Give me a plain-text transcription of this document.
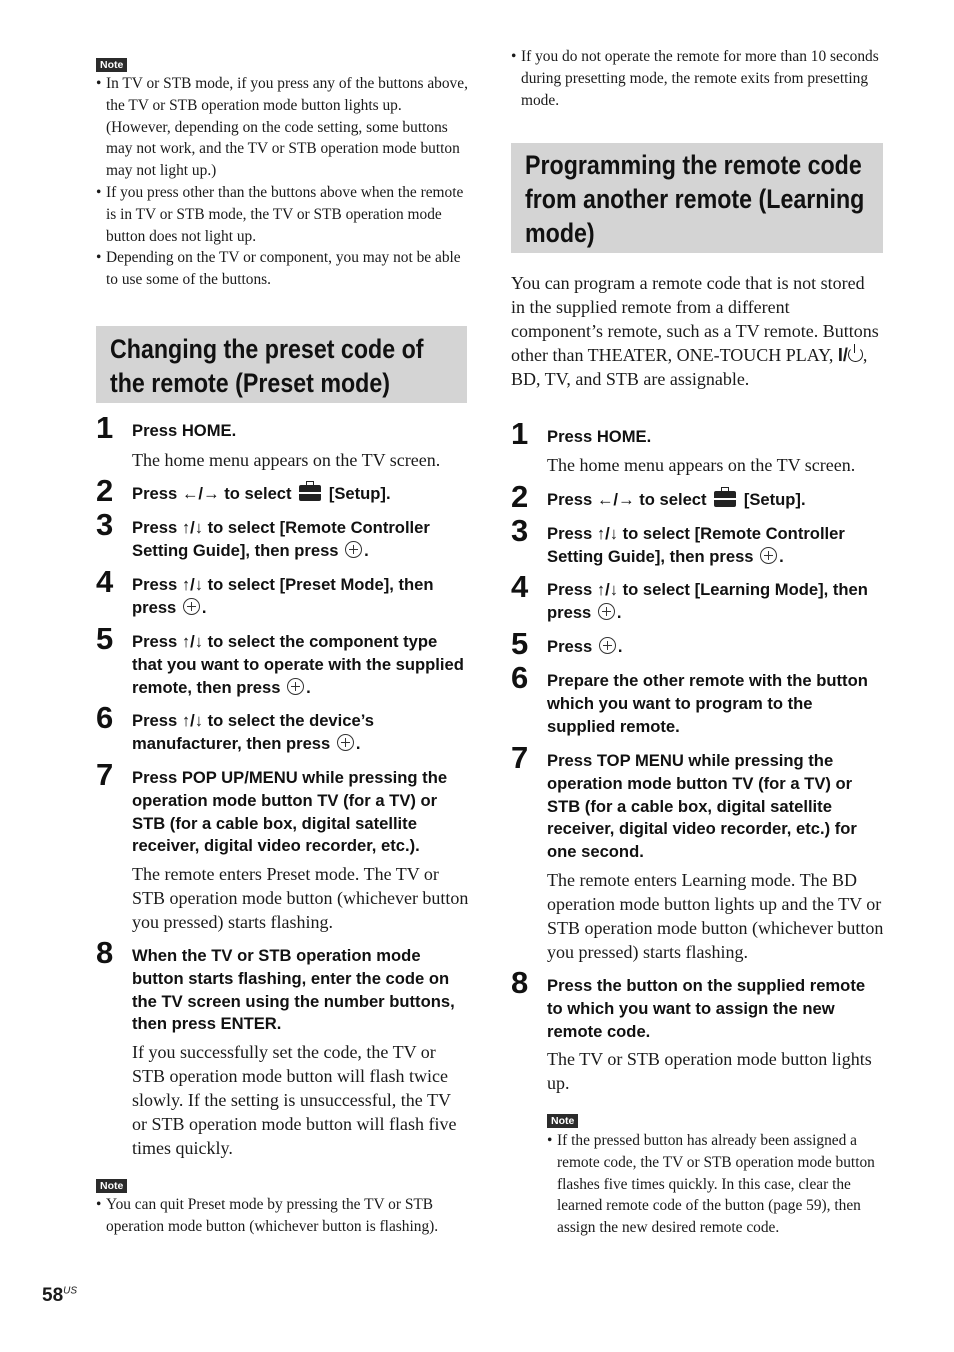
Note
• In TV or STB mode, if you press any of the buttons above, the TV or STB operation mode button lights up. (However, depending on the code setting, some buttons may not work, and the TV or STB operation mode button may not light up.)
• If you press other than the buttons above when the remote is in TV or STB mode, the TV or STB operation mode button does not light up.
• Depending on the TV or component, you may not be able to use some of the buttons.
Changing the preset code of
the remote (Preset mode)
1 Press HOME.
The home menu appears on the TV screen.
2 Press ←/→ to select [Setup].
3 Press ↑/↓ to select [Remote Controller Setting Guide], then press .
4 Press ↑/↓ to select [Preset Mode], then press .
5 Press ↑/↓ to select the component type that you want to operate with the supplied remote, then press .
6 Press ↑/↓ to select the device’s manufacturer, then press .
7 Press POP UP/MENU while pressing the operation mode button TV (for a TV) or STB (for a cable box, digital satellite receiver, digital video recorder, etc.).
The remote enters Preset mode. The TV or STB operation mode button (whichever button you pressed) starts flashing.
8 When the TV or STB operation mode button starts flashing, enter the code on the TV screen using the number buttons, then press ENTER.
If you successfully set the code, the TV or STB operation mode button will flash twice slowly. If the setting is unsuccessful, the TV or STB operation mode button will flash five times quickly.
Note
• You can quit Preset mode by pressing the TV or STB operation mode button (whichever button is flashing).
• If you do not operate the remote for more than 10 seconds during presetting mode, the remote exits from presetting mode.
Programming the remote code
from another remote (Learning
mode)
You can program a remote code that is not stored in the supplied remote from a different component’s remote, such as a TV remote. Buttons other than THEATER, ONE-TOUCH PLAY, I/ , BD, TV, and STB are assignable.
1 Press HOME.
The home menu appears on the TV screen.
2 Press ←/→ to select [Setup].
3 Press ↑/↓ to select [Remote Controller Setting Guide], then press .
4 Press ↑/↓ to select [Learning Mode], then press .
5 Press .
6 Prepare the other remote with the button which you want to program to the supplied remote.
7 Press TOP MENU while pressing the operation mode button TV (for a TV) or STB (for a cable box, digital satellite receiver, digital video recorder, etc.) for one second.
The remote enters Learning mode. The BD operation mode button lights up and the TV or STB operation mode button (whichever button you pressed) starts flashing.
8 Press the button on the supplied remote to which you want to assign the new remote code.
The TV or STB operation mode button lights up.
Note
• If the pressed button has already been assigned a remote code, the TV or STB operation mode button flashes five times quickly. In this case, clear the learned remote code of the button (page 59), then assign the new desired remote code.
$58^{US}$
